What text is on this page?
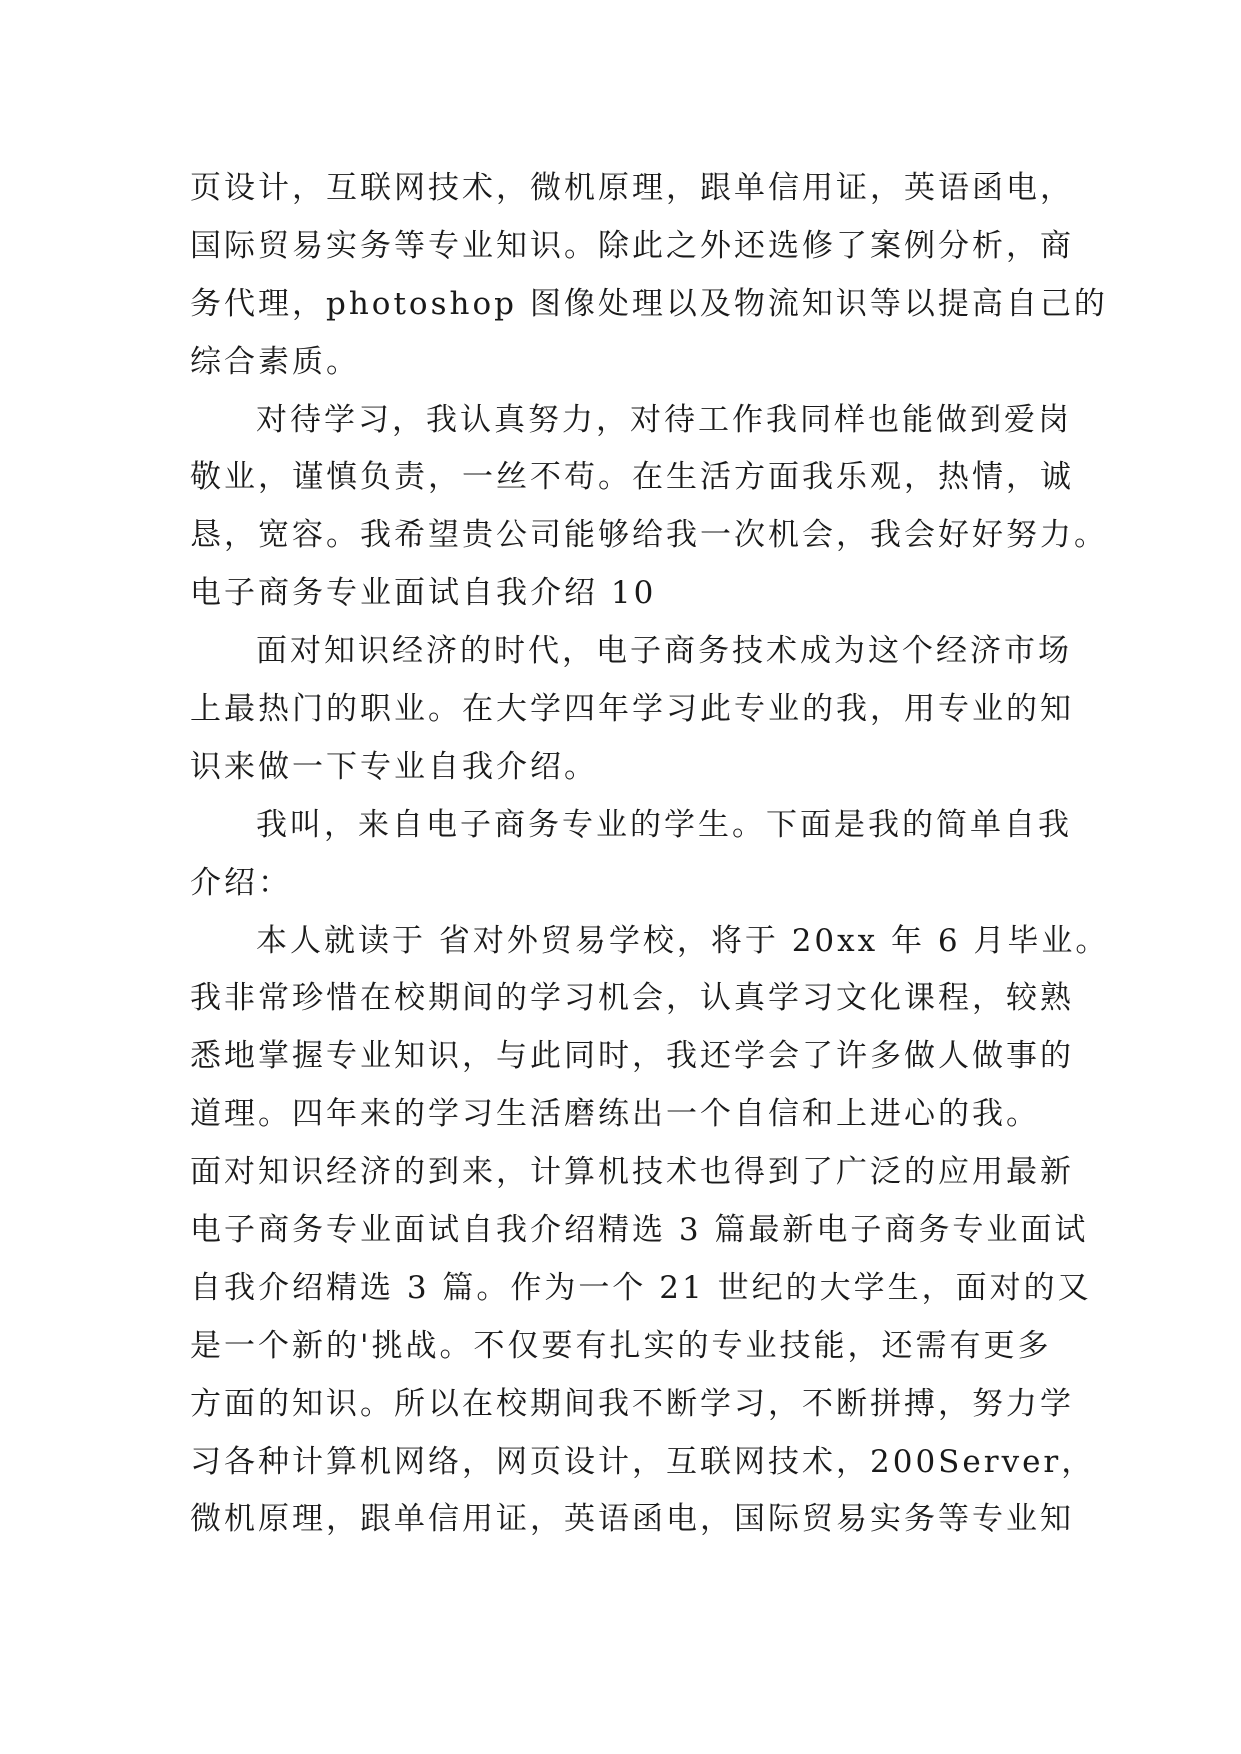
页设计，互联网技术，微机原理，跟单信用证，英语函电，
国际贸易实务等专业知识。除此之外还选修了案例分析，商
务代理，photoshop 图像处理以及物流知识等以提高自己的
综合素质。
对待学习，我认真努力，对待工作我同样也能做到爱岗
敬业，谨慎负责，一丝不苟。在生活方面我乐观，热情，诚
恳，宽容。我希望贵公司能够给我一次机会，我会好好努力。
电子商务专业面试自我介绍 10
面对知识经济的时代，电子商务技术成为这个经济市场
上最热门的职业。在大学四年学习此专业的我，用专业的知
识来做一下专业自我介绍。
我叫，来自电子商务专业的学生。下面是我的简单自我
介绍：
本人就读于 省对外贸易学校，将于 20xx 年 6 月毕业。
我非常珍惜在校期间的学习机会，认真学习文化课程，较熟
悉地掌握专业知识，与此同时，我还学会了许多做人做事的
道理。四年来的学习生活磨练出一个自信和上进心的我。
面对知识经济的到来，计算机技术也得到了广泛的应用最新
电子商务专业面试自我介绍精选 3 篇最新电子商务专业面试
自我介绍精选 3 篇。作为一个 21 世纪的大学生，面对的又
是一个新的'挑战。不仅要有扎实的专业技能，还需有更多
方面的知识。所以在校期间我不断学习，不断拼搏，努力学
习各种计算机网络，网页设计，互联网技术，200Server，
微机原理，跟单信用证，英语函电，国际贸易实务等专业知
